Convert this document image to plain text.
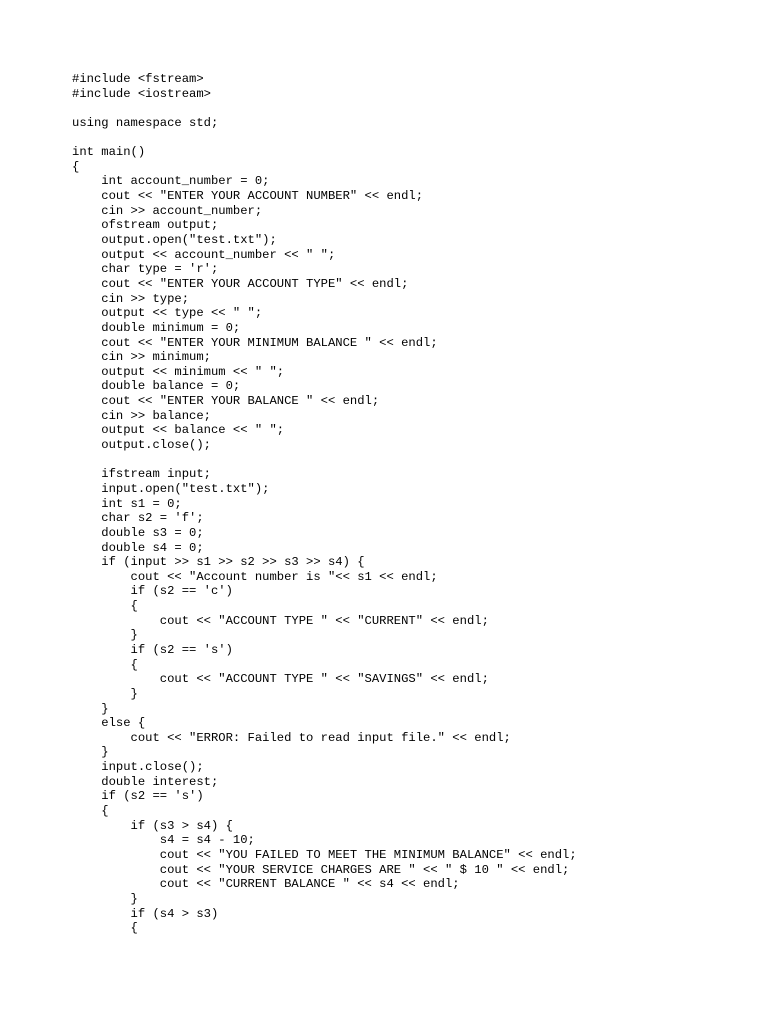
#include <fstream>
#include <iostream>
using namespace std;
int main()
{
int account_number = 0;
cout << "ENTER YOUR ACCOUNT NUMBER" << endl;
cin >> account_number;
ofstream output;
output.open("test.txt");
output << account_number << " ";
char type = 'r';
cout << "ENTER YOUR ACCOUNT TYPE" << endl;
cin >> type;
output << type << " ";
double minimum = 0;
cout << "ENTER YOUR MINIMUM BALANCE " << endl;
cin >> minimum;
output << minimum << " ";
double balance = 0;
cout << "ENTER YOUR BALANCE " << endl;
cin >> balance;
output << balance << " ";
output.close();
ifstream input;
input.open("test.txt");
int s1 = 0;
char s2 = 'f';
double s3 = 0;
double s4 = 0;
if (input >> s1 >> s2 >> s3 >> s4) {
cout << "Account number is "<< s1 << endl;
if (s2 == 'c')
{
cout << "ACCOUNT TYPE " << "CURRENT" << endl;
}
if (s2 == 's')
{
cout << "ACCOUNT TYPE " << "SAVINGS" << endl;
}
}
else {
cout << "ERROR: Failed to read input file." << endl;
}
input.close();
double interest;
if (s2 == 's')
{
if (s3 > s4) {
s4 = s4 - 10;
cout << "YOU FAILED TO MEET THE MINIMUM BALANCE" << endl;
cout << "YOUR SERVICE CHARGES ARE " << " $ 10 " << endl;
cout << "CURRENT BALANCE " << s4 << endl;
}
if (s4 > s3)
{
